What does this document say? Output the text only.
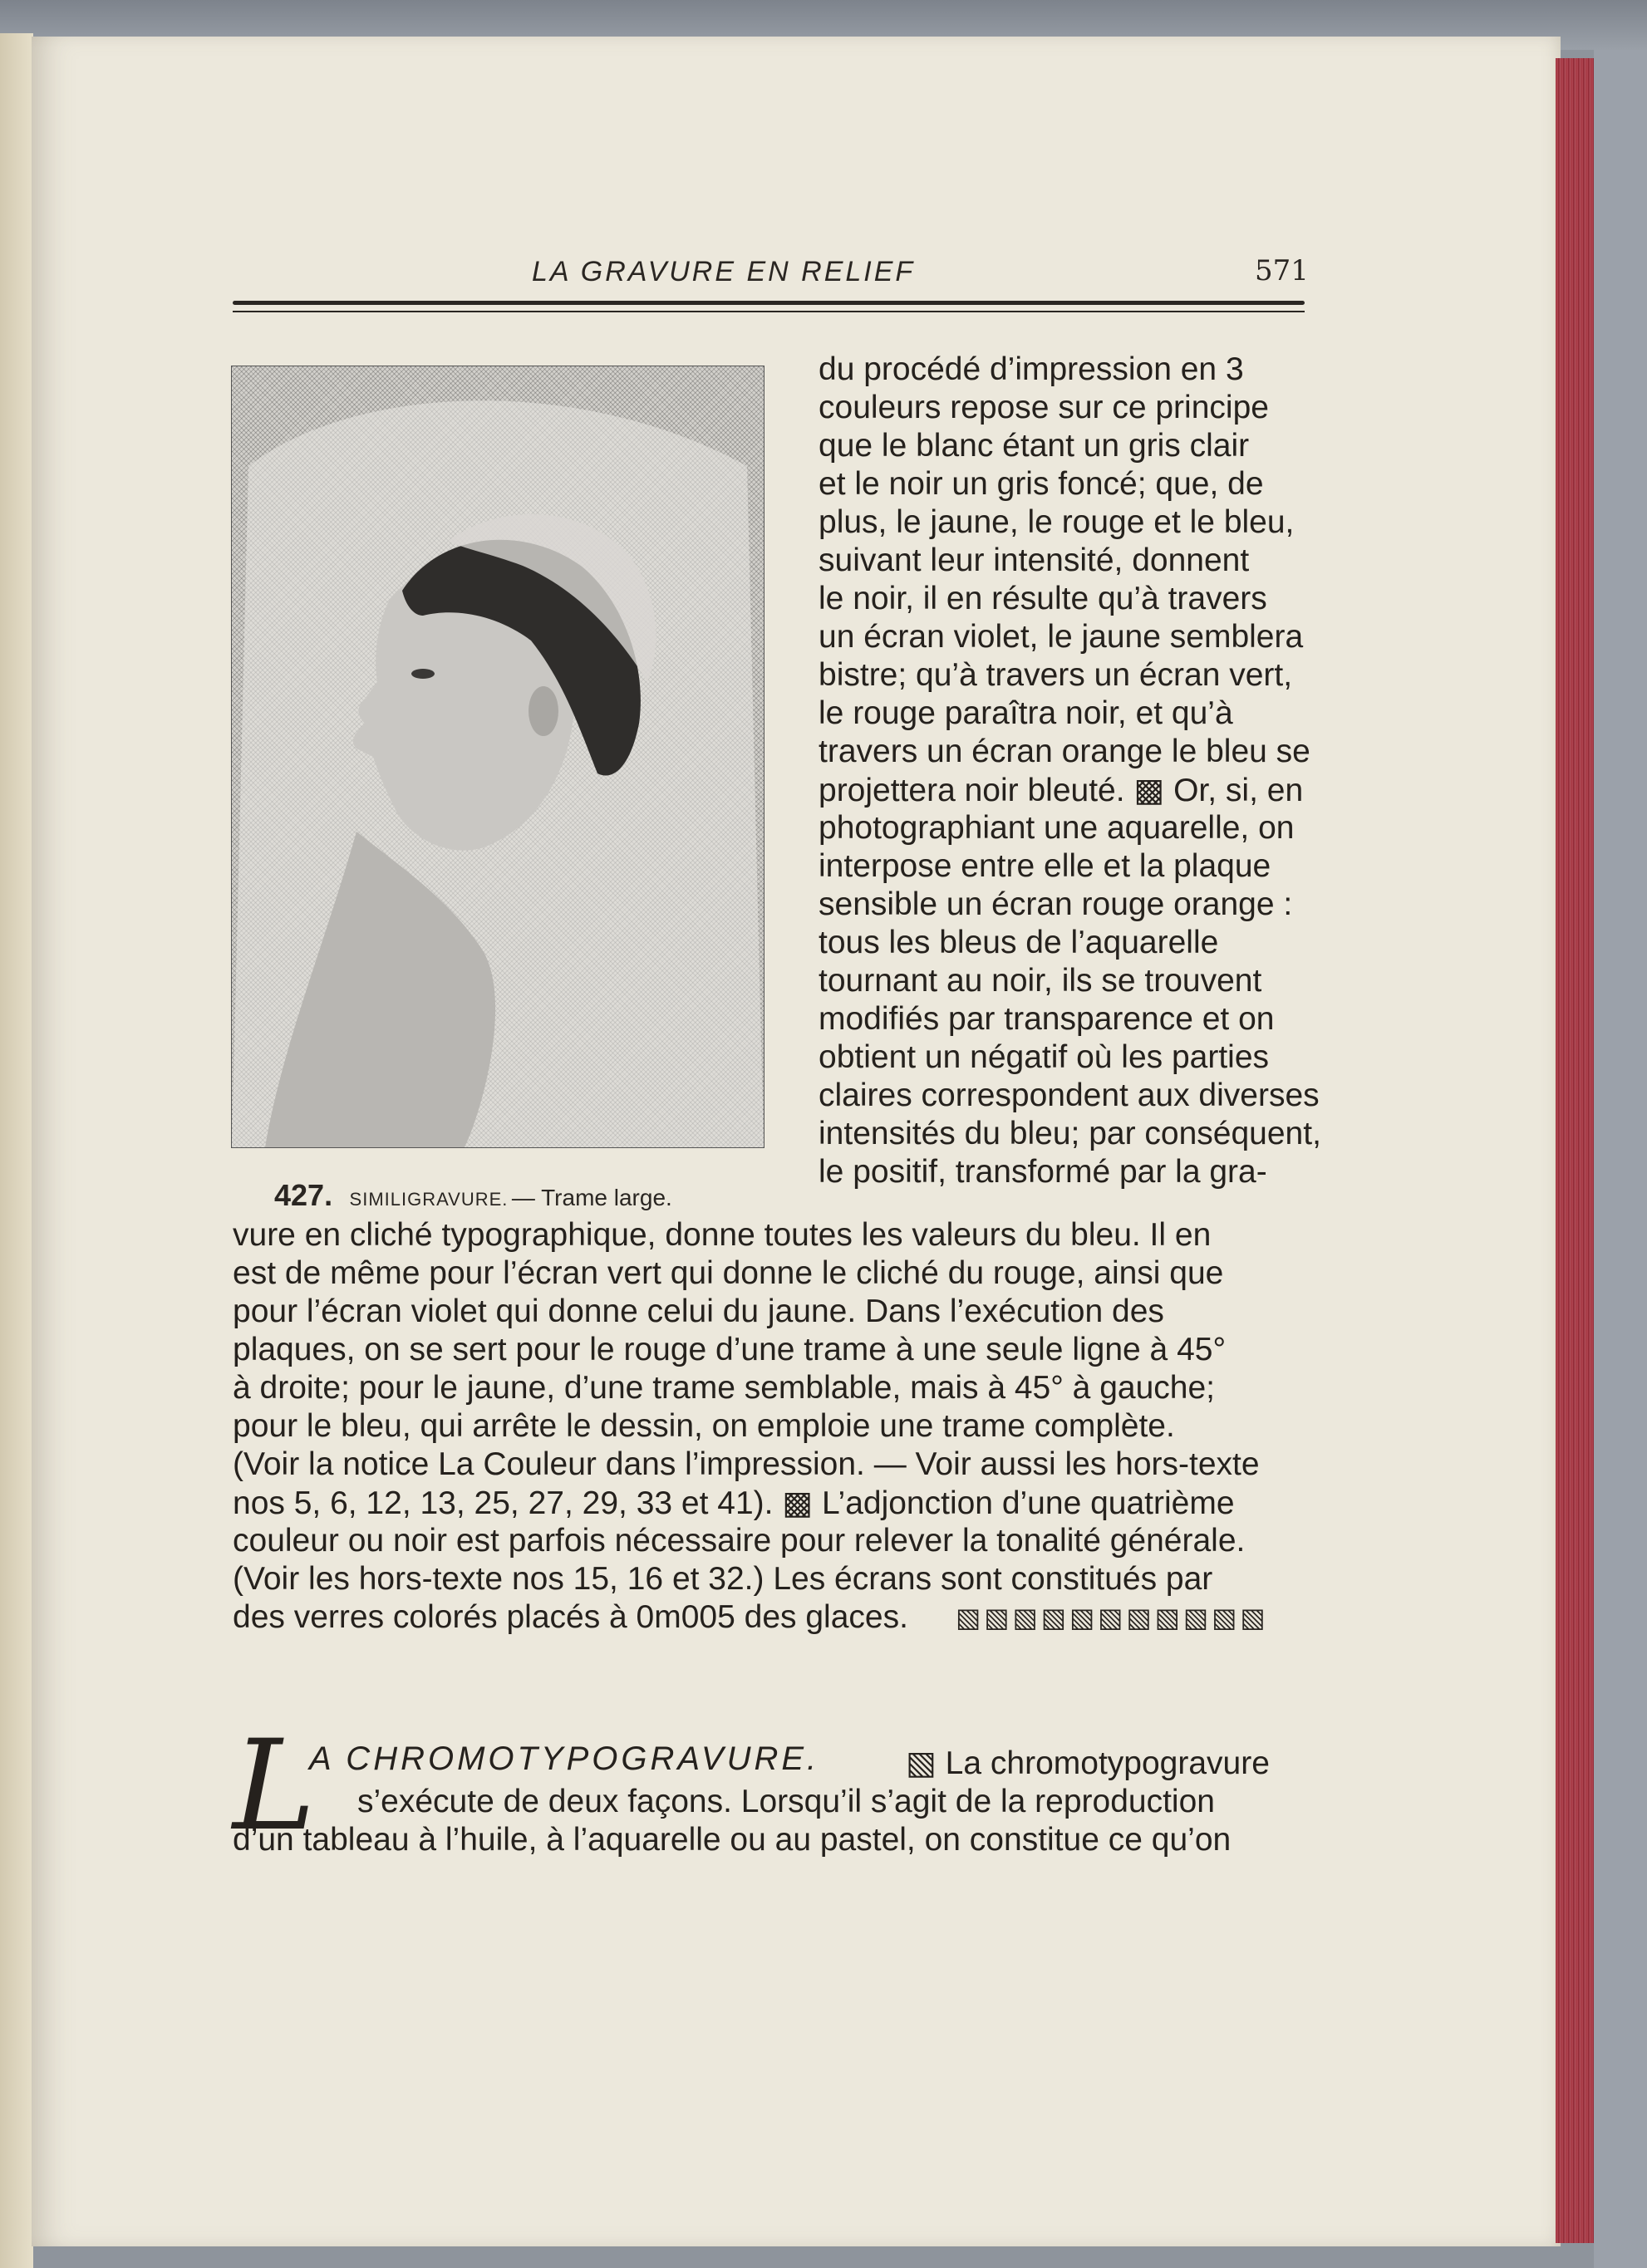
LA GRAVURE EN RELIEF	571
427. SIMILIGRAVURE. — Trame large.
du procédé d’impression en 3
couleurs repose sur ce principe
que le blanc étant un gris clair
et le noir un gris foncé; que, de
plus, le jaune, le rouge et le bleu,
suivant leur intensité, donnent
le noir, il en résulte qu’à travers
un écran violet, le jaune semblera
bistre; qu’à travers un écran vert,
le rouge paraîtra noir, et qu’à
travers un écran orange le bleu se
projettera noir bleuté. ▩ Or, si, en
photographiant une aquarelle, on
interpose entre elle et la plaque
sensible un écran rouge orange :
tous les bleus de l’aquarelle
tournant au noir, ils se trouvent
modifiés par transparence et on
obtient un négatif où les parties
claires correspondent aux diverses
intensités du bleu; par conséquent,
le positif, transformé par la gra-
vure en cliché typographique, donne toutes les valeurs du bleu. Il en
est de même pour l’écran vert qui donne le cliché du rouge, ainsi que
pour l’écran violet qui donne celui du jaune. Dans l’exécution des
plaques, on se sert pour le rouge d’une trame à une seule ligne à 45°
à droite; pour le jaune, d’une trame semblable, mais à 45° à gauche;
pour le bleu, qui arrête le dessin, on emploie une trame complète.
(Voir la notice La Couleur dans l’impression. — Voir aussi les hors-texte
nos 5, 6, 12, 13, 25, 27, 29, 33 et 41). ▩ L’adjonction d’une quatrième
couleur ou noir est parfois nécessaire pour relever la tonalité générale.
(Voir les hors-texte nos 15, 16 et 32.) Les écrans sont constitués par
des verres colorés placés à 0m005 des glaces. ▧▧▧▧▧▧▧▧▧▧▧
L
A CHROMOTYPOGRAVURE.	▧ La chromotypogravure
s’exécute de deux façons. Lorsqu’il s’agit de la reproduction
d’un tableau à l’huile, à l’aquarelle ou au pastel, on constitue ce qu’on
